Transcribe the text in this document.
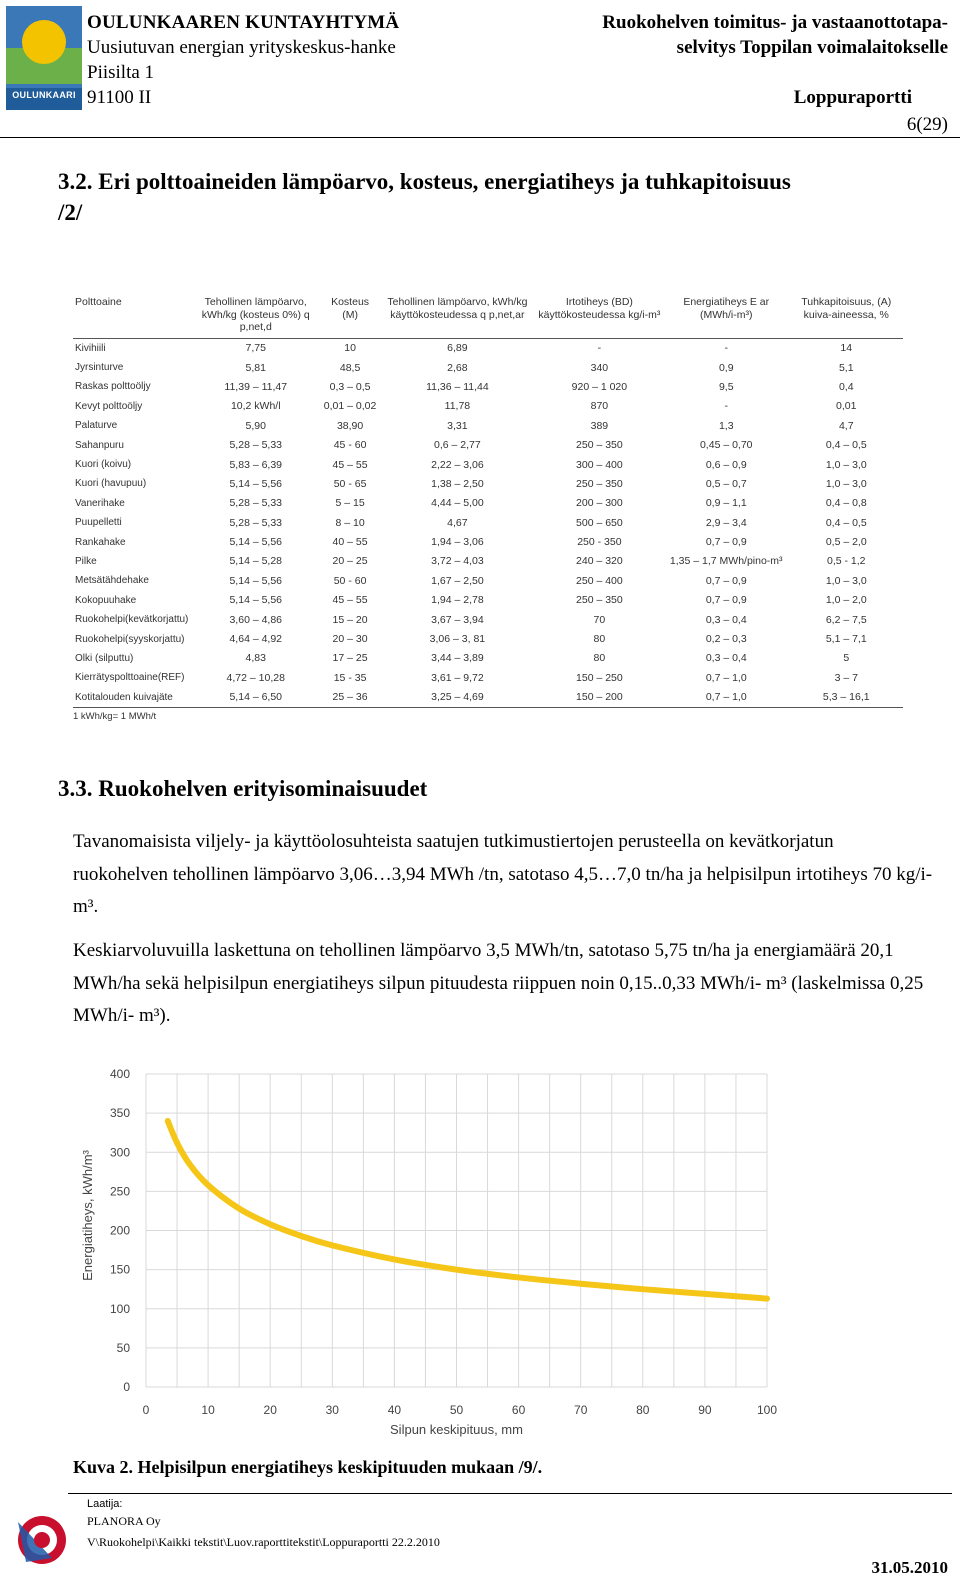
OULUNKAARI
OULUNKAAREN KUNTAYHTYMÄ
Uusiutuvan energian yrityskeskus-hanke
Piisilta 1
91100 II
Ruokohelven toimitus- ja vastaanottotapa-
selvitys Toppilan voimalaitokselle
Loppuraportti
6(29)
3.2. Eri polttoaineiden lämpöarvo, kosteus, energiatiheys ja tuhkapitoisuus /2/
Polttoaine	Tehollinen lämpöarvo, kWh/kg (kosteus 0%) q p,net,d	Kosteus (M)	Tehollinen lämpöarvo, kWh/kg käyttökosteudessa q p,net,ar	Irtotiheys (BD) käyttökosteudessa kg/i-m³	Energiatiheys E ar (MWh/i-m³)	Tuhkapitoisuus, (A) kuiva-aineessa, %
Kivihiili	7,75	10	6,89	-	-	14
Jyrsinturve	5,81	48,5	2,68	340	0,9	5,1
Raskas polttoöljy	11,39 – 11,47	0,3 – 0,5	11,36 – 11,44	920 – 1 020	9,5	0,4
Kevyt polttoöljy	10,2 kWh/l	0,01 – 0,02	11,78	870	-	0,01
Palaturve	5,90	38,90	3,31	389	1,3	4,7
Sahanpuru	5,28 – 5,33	45 - 60	0,6 – 2,77	250 – 350	0,45 – 0,70	0,4 – 0,5
Kuori (koivu)	5,83 – 6,39	45 – 55	2,22 – 3,06	300 – 400	0,6 – 0,9	1,0 – 3,0
Kuori (havupuu)	5,14 – 5,56	50 - 65	1,38 – 2,50	250 – 350	0,5 – 0,7	1,0 – 3,0
Vanerihake	5,28 – 5,33	5 – 15	4,44 – 5,00	200 – 300	0,9 – 1,1	0,4 – 0,8
Puupelletti	5,28 – 5,33	8 – 10	4,67	500 – 650	2,9 – 3,4	0,4 – 0,5
Rankahake	5,14 – 5,56	40 – 55	1,94 – 3,06	250 - 350	0,7 – 0,9	0,5 – 2,0
Pilke	5,14 – 5,28	20 – 25	3,72 – 4,03	240 – 320	1,35 – 1,7 MWh/pino-m³	0,5 - 1,2
Metsätähdehake	5,14 – 5,56	50 - 60	1,67 – 2,50	250 – 400	0,7 – 0,9	1,0 – 3,0
Kokopuuhake	5,14 – 5,56	45 – 55	1,94 – 2,78	250 – 350	0,7 – 0,9	1,0 – 2,0
Ruokohelpi(kevätkorjattu)	3,60 – 4,86	15 – 20	3,67 – 3,94	70	0,3 – 0,4	6,2 – 7,5
Ruokohelpi(syyskorjattu)	4,64 – 4,92	20 – 30	3,06 – 3, 81	80	0,2 – 0,3	5,1 – 7,1
Olki (silputtu)	4,83	17 – 25	3,44 – 3,89	80	0,3 – 0,4	5
Kierrätyspolttoaine(REF)	4,72 – 10,28	15 - 35	3,61 – 9,72	150 – 250	0,7 – 1,0	3 – 7
Kotitalouden kuivajäte	5,14 – 6,50	25 – 36	3,25 – 4,69	150 – 200	0,7 – 1,0	5,3 – 16,1
1 kWh/kg= 1 MWh/t
3.3. Ruokohelven erityisominaisuudet
Tavanomaisista viljely- ja käyttöolosuhteista saatujen tutkimustiertojen perusteella on kevätkorjatun ruokohelven tehollinen lämpöarvo 3,06…3,94 MWh /tn, satotaso 4,5…7,0 tn/ha ja helpisilpun irtotiheys 70 kg/i-m³.
Keskiarvoluvuilla laskettuna on tehollinen lämpöarvo 3,5 MWh/tn, satotaso 5,75 tn/ha ja energiamäärä 20,1 MWh/ha sekä helpisilpun energiatiheys silpun pituudesta riippuen noin 0,15..0,33 MWh/i- m³ (laskelmissa 0,25 MWh/i- m³).
0	10	20	30	40	50	60	70	80	90	100
0
50
100
150
200
250
300
350
400
Silpun keskipituus, mm
Energiatiheys, kWh/m³
Kuva 2. Helpisilpun energiatiheys keskipituuden mukaan /9/.
Laatija:
PLANORA Oy
V\Ruokohelpi\Kaikki tekstit\Luov.raporttitekstit\Loppuraportti 22.2.2010
31.05.2010
